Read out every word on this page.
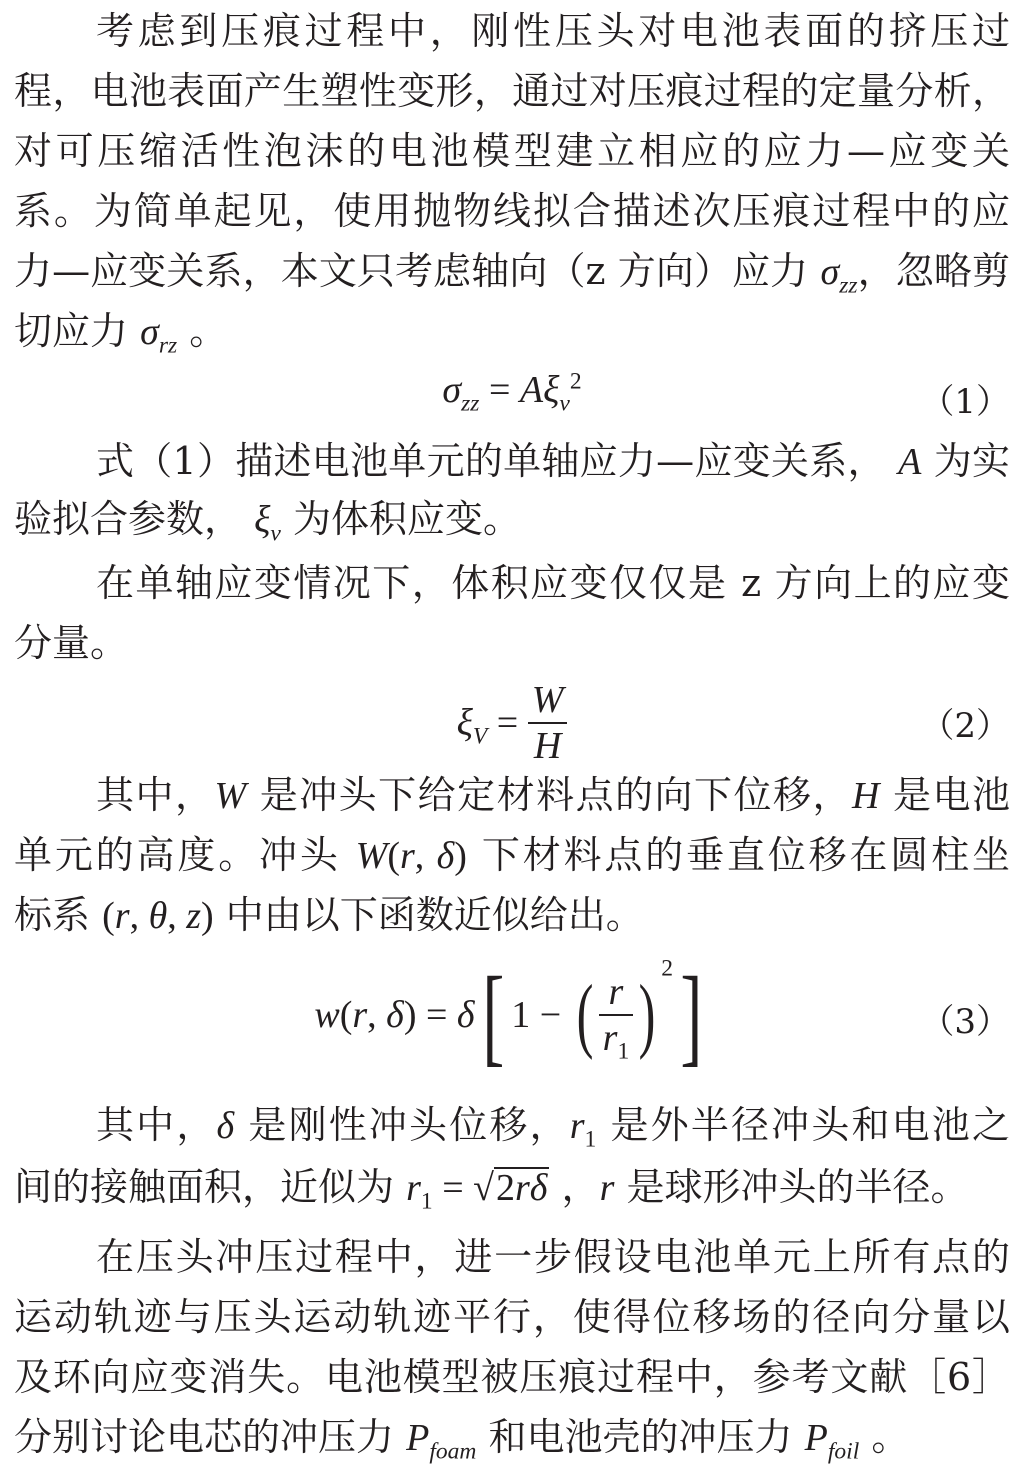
考虑到压痕过程中，刚性压头对电池表面的挤压过
程，电池表面产生塑性变形，通过对压痕过程的定量分析，
对可压缩活性泡沫的电池模型建立相应的应力—应变关
系。为简单起见，使用抛物线拟合描述次压痕过程中的应
力—应变关系，本文只考虑轴向（z 方向）应力 $\sigma_{zz}$，忽略剪
切应力 $\sigma_{rz}$ 。
$\sigma_{zz} = A\xi_v^2$
（1）
式（1）描述电池单元的单轴应力—应变关系， A 为实
验拟合参数， $\xi_v$ 为体积应变。
在单轴应变情况下，体积应变仅仅是 z 方向上的应变
分量。
$\xi_V = \frac{W}{H}$	（2）
其中，W 是冲头下给定材料点的向下位移，H 是电池
单元的高度。冲头 W(r, δ) 下材料点的垂直位移在圆柱坐
标系 (r, θ, z) 中由以下函数近似给出。
w(r, δ) = δ[ 1 − ( $\frac{r}{r_1}$ ) $^2$]	（3）
其中，δ 是刚性冲头位移，$r_1$ 是外半径冲头和电池之
间的接触面积，近似为 $r_1 = √2r\delta$ ，r 是球形冲头的半径。
在压头冲压过程中，进一步假设电池单元上所有点的
运动轨迹与压头运动轨迹平行，使得位移场的径向分量以
及环向应变消失。电池模型被压痕过程中，参考文献［6］
分别讨论电芯的冲压力 $P_{foam}$ 和电池壳的冲压力 $P_{foil}$ 。
